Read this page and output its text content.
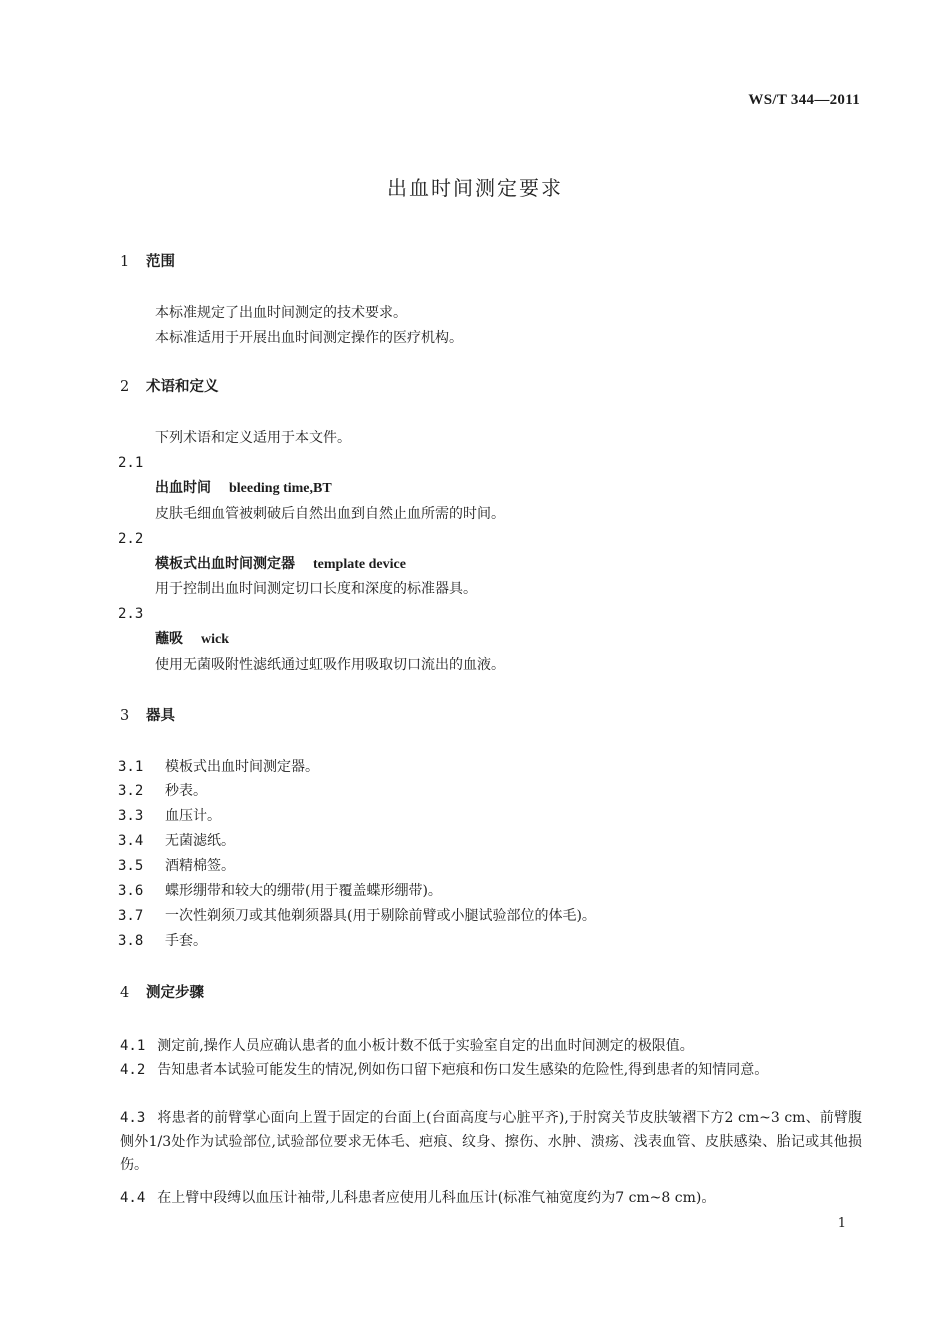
WS/T 344—2011
出血时间测定要求
1 范围
本标准规定了出血时间测定的技术要求。
本标准适用于开展出血时间测定操作的医疗机构。
2 术语和定义
下列术语和定义适用于本文件。
2.1
出血时间 bleeding time,BT
皮肤毛细血管被刺破后自然出血到自然止血所需的时间。
2.2
模板式出血时间测定器 template device
用于控制出血时间测定切口长度和深度的标准器具。
2.3
蘸吸 wick
使用无菌吸附性滤纸通过虹吸作用吸取切口流出的血液。
3 器具
3.1 模板式出血时间测定器。
3.2 秒表。
3.3 血压计。
3.4 无菌滤纸。
3.5 酒精棉签。
3.6 蝶形绷带和较大的绷带(用于覆盖蝶形绷带)。
3.7 一次性剃须刀或其他剃须器具(用于剔除前臂或小腿试验部位的体毛)。
3.8 手套。
4 测定步骤
4.1 测定前,操作人员应确认患者的血小板计数不低于实验室自定的出血时间测定的极限值。
4.2 告知患者本试验可能发生的情况,例如伤口留下疤痕和伤口发生感染的危险性,得到患者的知情同意。
4.3 将患者的前臂掌心面向上置于固定的台面上(台面高度与心脏平齐),于肘窝关节皮肤皱褶下方2 cm~3 cm、前臂腹侧外1/3处作为试验部位,试验部位要求无体毛、疤痕、纹身、擦伤、水肿、溃疡、浅表血管、皮肤感染、胎记或其他损伤。
4.4 在上臂中段缚以血压计袖带,儿科患者应使用儿科血压计(标准气袖宽度约为7 cm~8 cm)。
1
